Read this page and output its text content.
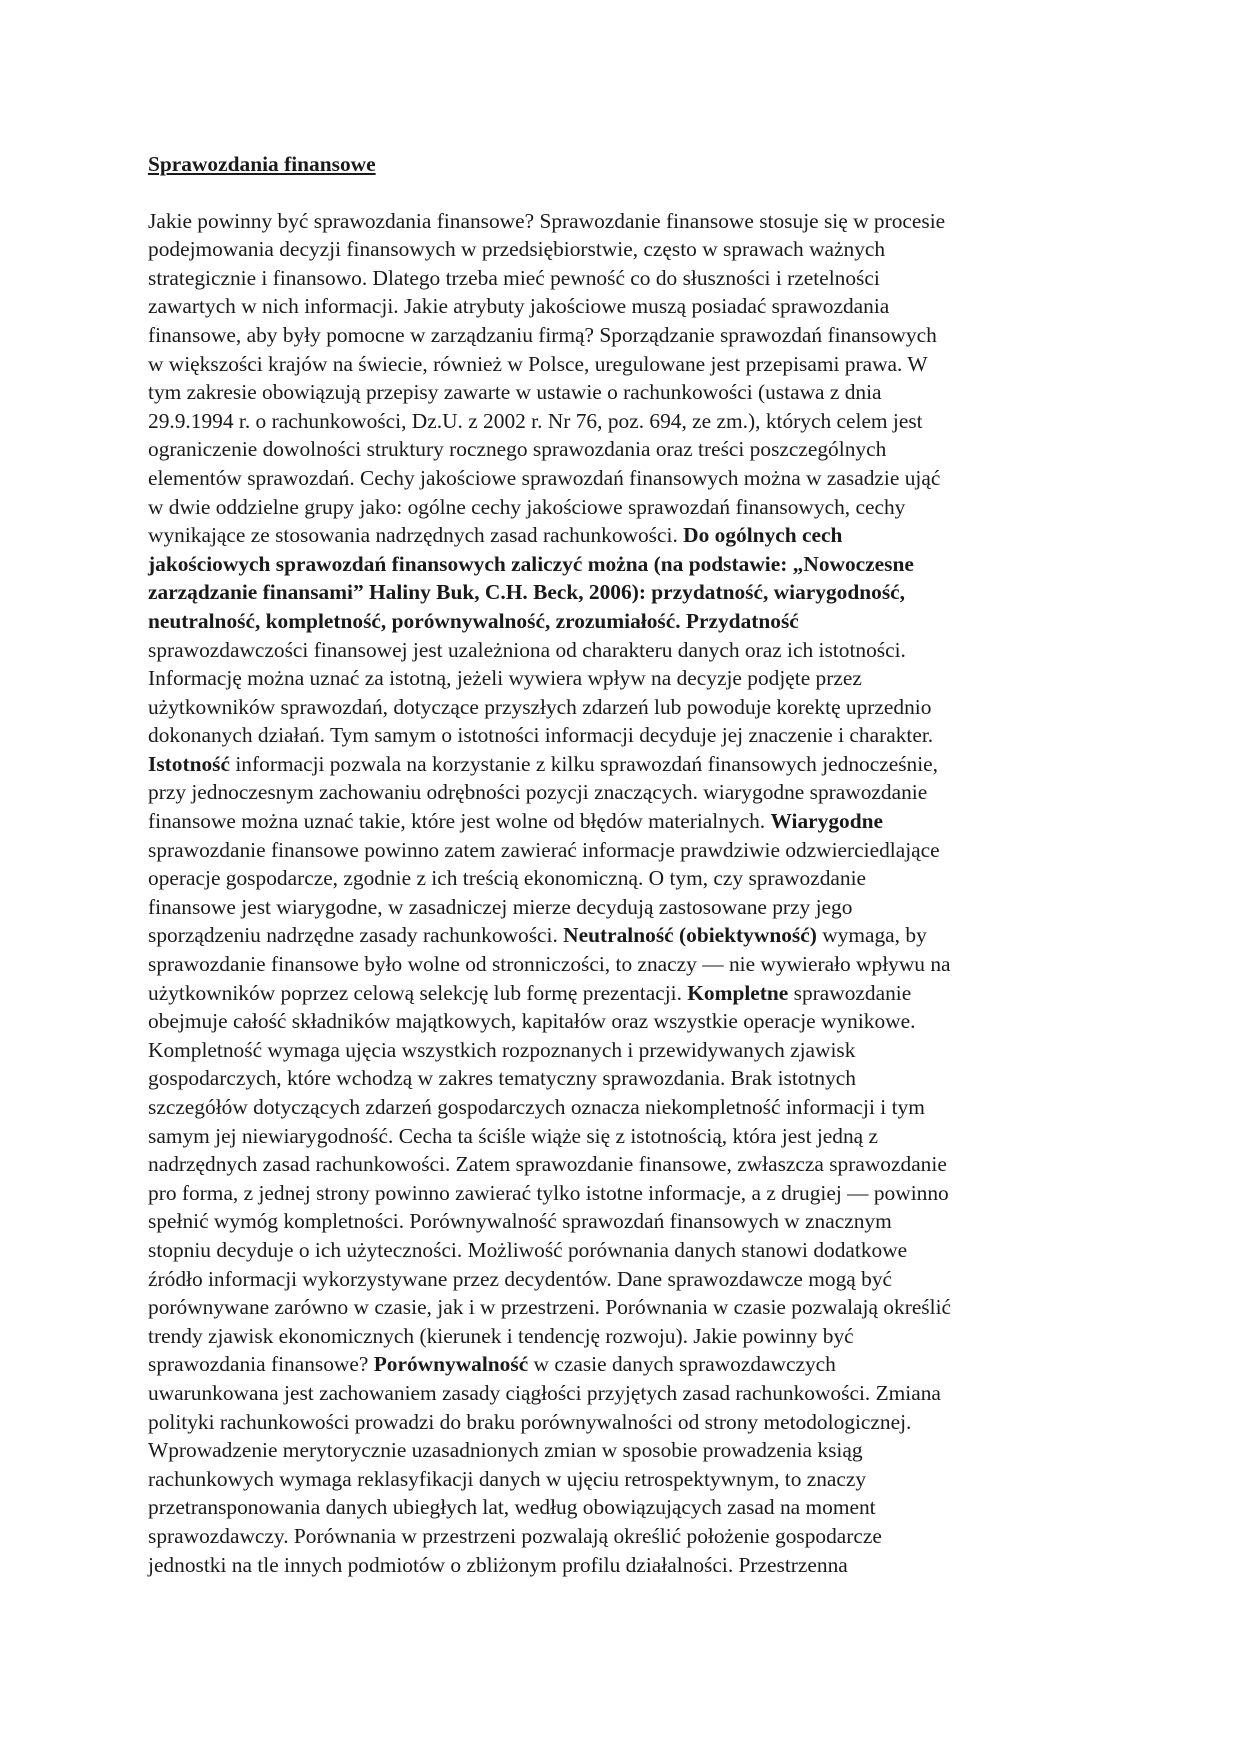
Sprawozdania finansowe
Jakie powinny być sprawozdania finansowe? Sprawozdanie finansowe stosuje się w procesie
podejmowania decyzji finansowych w przedsiębiorstwie, często w sprawach ważnych
strategicznie i finansowo. Dlatego trzeba mieć pewność co do słuszności i rzetelności
zawartych w nich informacji. Jakie atrybuty jakościowe muszą posiadać sprawozdania
finansowe, aby były pomocne w zarządzaniu firmą? Sporządzanie sprawozdań finansowych
w większości krajów na świecie, również w Polsce, uregulowane jest przepisami prawa. W
tym zakresie obowiązują przepisy zawarte w ustawie o rachunkowości (ustawa z dnia
29.9.1994 r. o rachunkowości, Dz.U. z 2002 r. Nr 76, poz. 694, ze zm.), których celem jest
ograniczenie dowolności struktury rocznego sprawozdania oraz treści poszczególnych
elementów sprawozdań. Cechy jakościowe sprawozdań finansowych można w zasadzie ująć
w dwie oddzielne grupy jako: ogólne cechy jakościowe sprawozdań finansowych, cechy
wynikające ze stosowania nadrzędnych zasad rachunkowości. Do ogólnych cech
jakościowych sprawozdań finansowych zaliczyć można (na podstawie: „Nowoczesne
zarządzanie finansami” Haliny Buk, C.H. Beck, 2006): przydatność, wiarygodność,
neutralność, kompletność, porównywalność, zrozumiałość. Przydatność
sprawozdawczości finansowej jest uzależniona od charakteru danych oraz ich istotności.
Informację można uznać za istotną, jeżeli wywiera wpływ na decyzje podjęte przez
użytkowników sprawozdań, dotyczące przyszłych zdarzeń lub powoduje korektę uprzednio
dokonanych działań. Tym samym o istotności informacji decyduje jej znaczenie i charakter.
Istotność informacji pozwala na korzystanie z kilku sprawozdań finansowych jednocześnie,
przy jednoczesnym zachowaniu odrębności pozycji znaczących. wiarygodne sprawozdanie
finansowe można uznać takie, które jest wolne od błędów materialnych. Wiarygodne
sprawozdanie finansowe powinno zatem zawierać informacje prawdziwie odzwierciedlające
operacje gospodarcze, zgodnie z ich treścią ekonomiczną. O tym, czy sprawozdanie
finansowe jest wiarygodne, w zasadniczej mierze decydują zastosowane przy jego
sporządzeniu nadrzędne zasady rachunkowości. Neutralność (obiektywność) wymaga, by
sprawozdanie finansowe było wolne od stronniczości, to znaczy — nie wywierało wpływu na
użytkowników poprzez celową selekcję lub formę prezentacji. Kompletne sprawozdanie
obejmuje całość składników majątkowych, kapitałów oraz wszystkie operacje wynikowe.
Kompletność wymaga ujęcia wszystkich rozpoznanych i przewidywanych zjawisk
gospodarczych, które wchodzą w zakres tematyczny sprawozdania. Brak istotnych
szczegółów dotyczących zdarzeń gospodarczych oznacza niekompletność informacji i tym
samym jej niewiarygodność. Cecha ta ściśle wiąże się z istotnością, która jest jedną z
nadrzędnych zasad rachunkowości. Zatem sprawozdanie finansowe, zwłaszcza sprawozdanie
pro forma, z jednej strony powinno zawierać tylko istotne informacje, a z drugiej — powinno
spełnić wymóg kompletności. Porównywalność sprawozdań finansowych w znacznym
stopniu decyduje o ich użyteczności. Możliwość porównania danych stanowi dodatkowe
źródło informacji wykorzystywane przez decydentów. Dane sprawozdawcze mogą być
porównywane zarówno w czasie, jak i w przestrzeni. Porównania w czasie pozwalają określić
trendy zjawisk ekonomicznych (kierunek i tendencję rozwoju). Jakie powinny być
sprawozdania finansowe? Porównywalność w czasie danych sprawozdawczych
uwarunkowana jest zachowaniem zasady ciągłości przyjętych zasad rachunkowości. Zmiana
polityki rachunkowości prowadzi do braku porównywalności od strony metodologicznej.
Wprowadzenie merytorycznie uzasadnionych zmian w sposobie prowadzenia ksiąg
rachunkowych wymaga reklasyfikacji danych w ujęciu retrospektywnym, to znaczy
przetransponowania danych ubiegłych lat, według obowiązujących zasad na moment
sprawozdawczy. Porównania w przestrzeni pozwalają określić położenie gospodarcze
jednostki na tle innych podmiotów o zbliżonym profilu działalności. Przestrzenna
